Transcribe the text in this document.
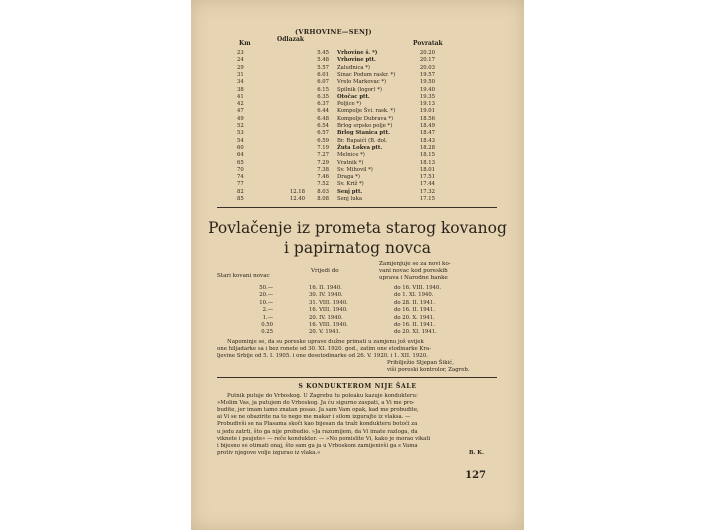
(VRHOVINE—SENJ)
Km
Odlazak
Povratak
23	5.45 Vrhovine š. *)	20.20
24	5.48 Vrhovine ptt.	20.17
29	5.57 Zaluđnica *)	20.03
31	6.01 Sinac Podum raskr. *)	19.57
34	6.07 Vrelo Markovac *)	19.50
38	6.15 Spilnik (logor) *)	19.40
41	6.35 Otočac ptt.	19.35
42	6.37 Poljice *)	19.13
47	6.44 Kompolje Švi. rask. *)	19.01
49	6.48 Kompolje Dubrava *)	18.56
52	6.54 Brlog srpsko polje *)	18.49
53	6.57 Brlog Stanica ptt.	18.47
54	6.59 Br. Rapaići (B. dol.	18.43
60	7.19 Žuta Lokva ptt.	18.28
64	7.27 Melnice *)	18.15
65	7.29 Vratnik *)	18.13
70	7.38 Sv. Mihovil *)	18.01
74	7.46 Draga *)	17.51
77	7.52 Sv. Križ *)	17.44
82	12.18	8.03 Senj ptt.	17.32
85	12.40	8.08 Senj luka	17.15
Povlačenje iz prometa starog kovanog
i papirnatog novca
Zamjenjuje se za novi ko-
vani novac kod poreskih
uprava i Narodne banke
Stari kovani novac
Vrijedi do
50.—	16. II. 1940.	do 16. VIII. 1940.
20.—	30. IV. 1940.	do 1. XI. 1940.
10.—	31. VIII. 1940.	do 28. II. 1941.
2.—	16. VIII. 1940.	do 16. II. 1941.
1.—	20. IV. 1940.	do 20. X. 1941.
0.50	16. VIII. 1940.	do 16. II. 1941.
0.25	20. V. 1941.	do 20. XI. 1941.
Napominje se, da su poreske uprave dužne primati u zamjenu još uvijek
one hiljadarke sa i bez ronete od 30. XI. 1920. god., zatim one stodinarke Kra-
ljevine Srbije od 5. I. 1905. i one desetodinarke od 26. V. 1920. i 1. XII. 1920.
Pribilježio Stjepan Šikić,
viši poreski kontrolor, Zagreb.
S KONDUKTEROM NIJE ŠALE
Putnik putuje do Vrboskog. U Zagrebu tu poleaku kazuje kondukteru:
»Molim Vas, ja putujem do Vrboskog. Ja ću sigurno zaspati, a Vi me pro-
budite, jer imam tamo znatan posao. Ja sam Vam opak, kad me probudite,
ai Vi se ne obazirite na to nego me makar i silom izgurajte iz vlaksa. —
Probudivši se na Plasama skoči kao bijesan da traži kondukteru botoći za
u jedu zatrti, što ga nije probudio. »Ja razumijem, da Vi imate razloga, da
viknete i psujete« — reče kondukter. — »No pomislite Vi, kako je morao vikati
i bijesno se otimati onaj, što sam ga ja u Vrboskom zamijenivši ga s Vama
protiv njegove volje izgurao iz vlaka.«	B. K.
127
